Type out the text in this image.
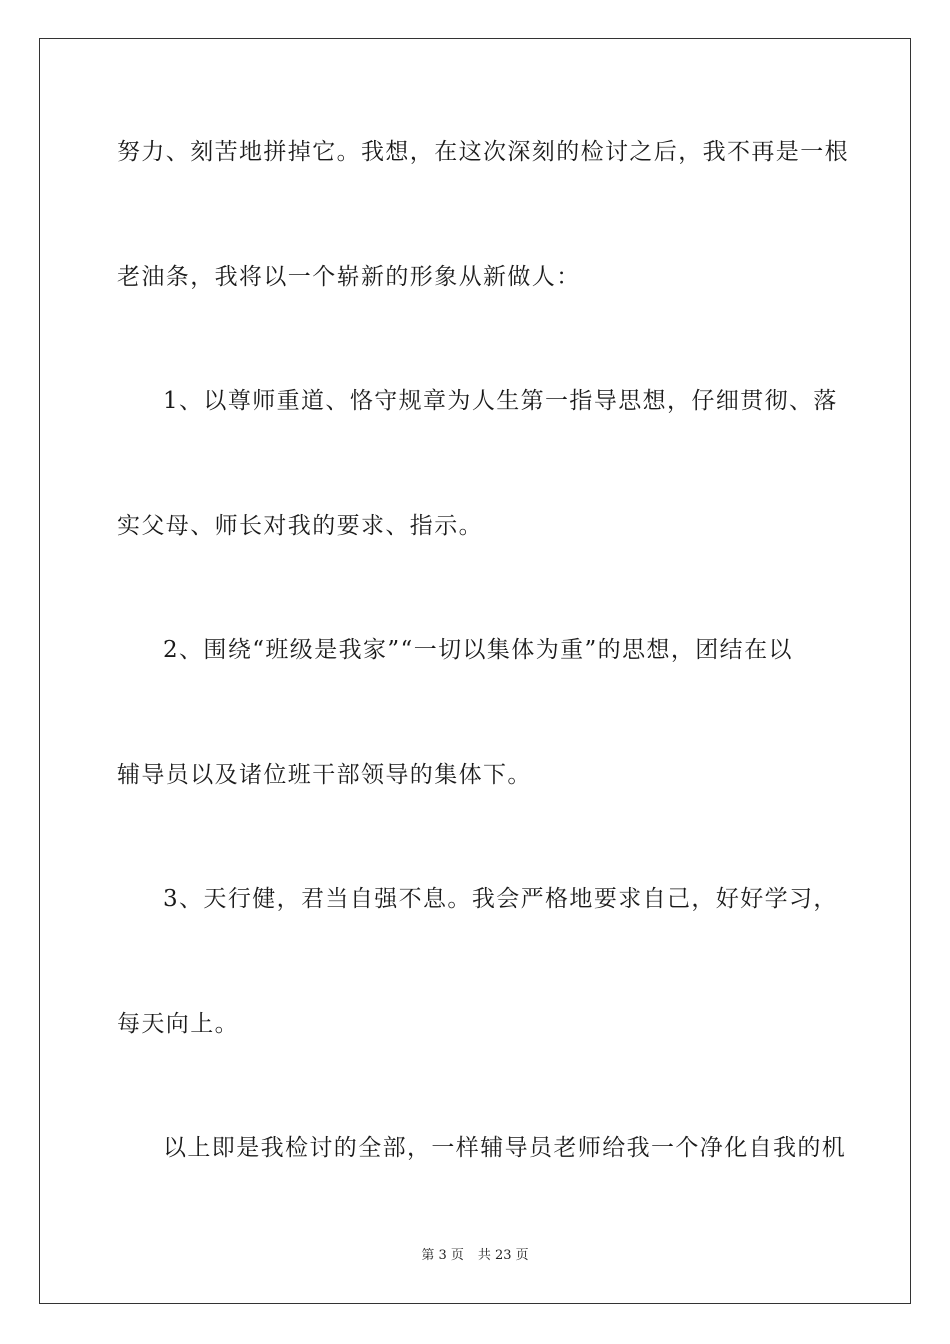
努力、刻苦地拼掉它。我想，在这次深刻的检讨之后，我不再是一根
老油条，我将以一个崭新的形象从新做人：
1、以尊师重道、恪守规章为人生第一指导思想，仔细贯彻、落
实父母、师长对我的要求、指示。
2、围绕“班级是我家”“一切以集体为重”的思想，团结在以
辅导员以及诸位班干部领导的集体下。
3、天行健，君当自强不息。我会严格地要求自己，好好学习，
每天向上。
以上即是我检讨的全部，一样辅导员老师给我一个净化自我的机
第 3 页 共 23 页
